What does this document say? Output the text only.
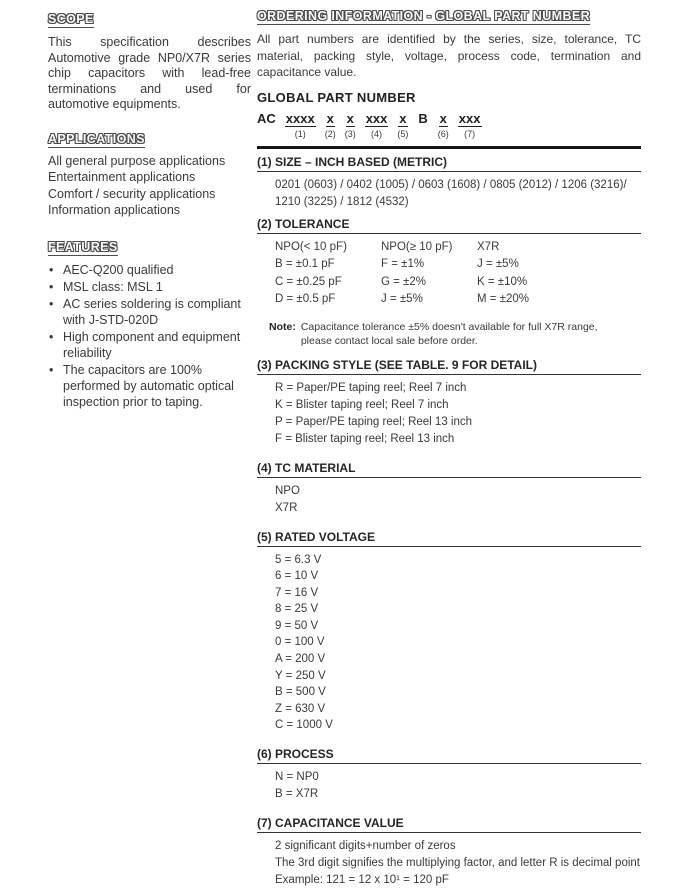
SCOPE

This specification describes Automotive grade NP0/X7R series chip capacitors with lead-free terminations and used for automotive equipments.

APPLICATIONS
All general purpose applications
Entertainment applications
Comfort / security applications
Information applications
FEATURES
• AEC-Q200 qualified
• MSL class: MSL 1
• AC series soldering is compliant with J-STD-020D
• High component and equipment reliability
• The capacitors are 100% performed by automatic optical inspection prior to taping.
ORDERING INFORMATION - GLOBAL PART NUMBER

All part numbers are identified by the series, size, tolerance, TC material, packing style, voltage, process code, termination and capacitance value.

GLOBAL PART NUMBER
AC xxxx
(1)
x
(2)
x
(3)
xxx
(4)
x
(5)
B x
(6)
xxx
(7)
(1) SIZE – INCH BASED (METRIC)
0201 (0603) / 0402 (1005) / 0603 (1608) / 0805 (2012) / 1206 (3216)/ 1210 (3225) / 1812 (4532)
(2) TOLERANCE
NPO(< 10 pF)
B = ±0.1 pF
C = ±0.25 pF
D = ±0.5 pF
NPO(≥ 10 pF)
F = ±1%
G = ±2%
J = ±5%
X7R
J = ±5%
K = ±10%
M = ±20%
Note: Capacitance tolerance ±5% doesn't available for full X7R range,
please contact local sale before order.
(3) PACKING STYLE (SEE TABLE. 9 FOR DETAIL)
R = Paper/PE taping reel; Reel 7 inch
K = Blister taping reel; Reel 7 inch
P = Paper/PE taping reel; Reel 13 inch
F = Blister taping reel; Reel 13 inch
(4) TC MATERIAL
NPO
X7R
(5) RATED VOLTAGE
5 = 6.3 V
6 = 10 V
7 = 16 V
8 = 25 V
9 = 50 V
0 = 100 V
A = 200 V
Y = 250 V
B = 500 V
Z = 630 V
C = 1000 V
(6) PROCESS
N = NP0
B = X7R
(7) CAPACITANCE VALUE
2 significant digits+number of zeros
The 3rd digit signifies the multiplying factor, and letter R is decimal point
Example: 121 = 12 x 10¹ = 120 pF
